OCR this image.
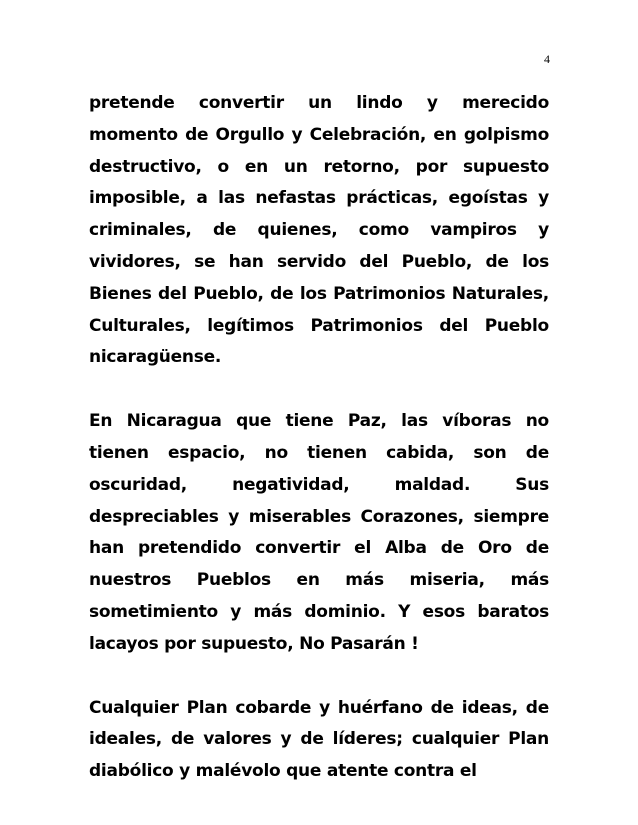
4

pretende convertir un lindo y merecido momento de Orgullo y Celebración, en golpismo destructivo, o en un retorno, por supuesto imposible, a las nefastas prácticas, egoístas y criminales, de quienes, como vampiros y vividores, se han servido del Pueblo, de los Bienes del Pueblo, de los Patrimonios Naturales, Culturales, legítimos Patrimonios del Pueblo nicaragüense.

En Nicaragua que tiene Paz, las víboras no tienen espacio, no tienen cabida, son de oscuridad, negatividad, maldad. Sus despreciables y miserables Corazones, siempre han pretendido convertir el Alba de Oro de nuestros Pueblos en más miseria, más sometimiento y más dominio. Y esos baratos lacayos por supuesto, No Pasarán !

Cualquier Plan cobarde y huérfano de ideas, de ideales, de valores y de líderes; cualquier Plan diabólico y malévolo que atente contra el
